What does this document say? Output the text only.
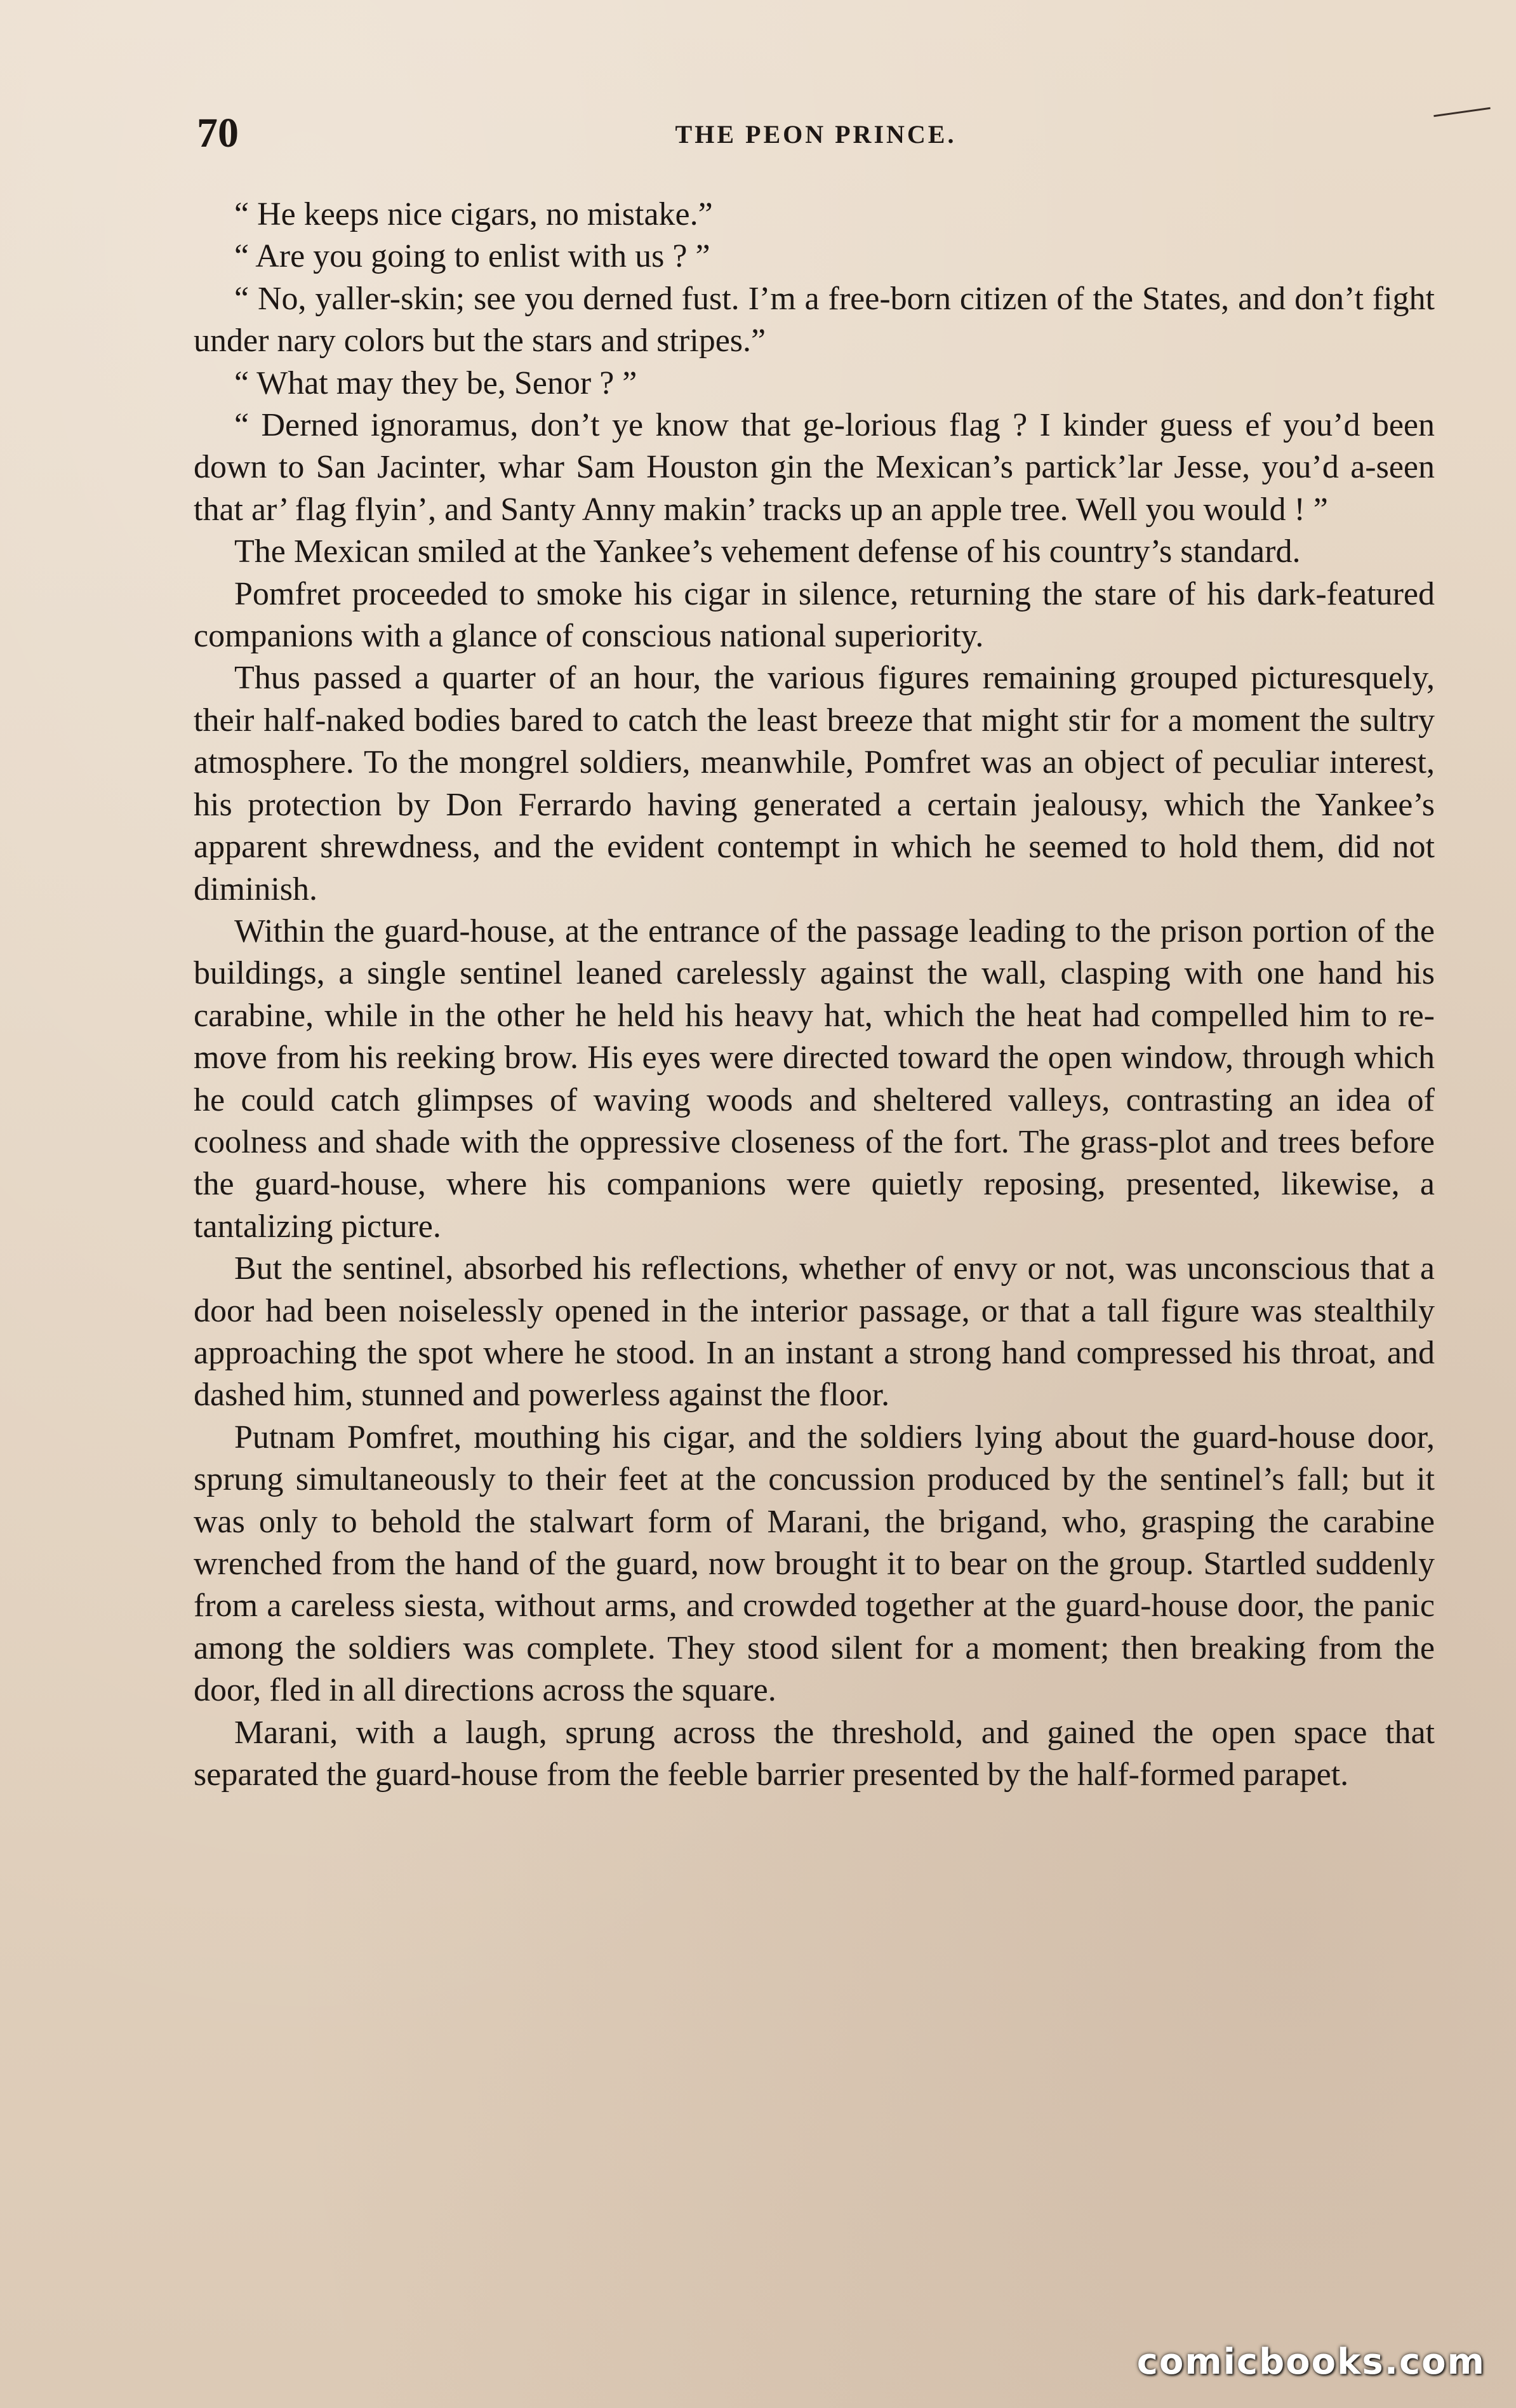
70	THE PEON PRINCE.

“ He keeps nice cigars, no mistake.”

“ Are you going to enlist with us ? ”

“ No, yaller-skin; see you derned fust. I’m a free-born citizen of the States, and don’t fight under nary colors but the stars and stripes.”

“ What may they be, Senor ? ”

“ Derned ignoramus, don’t ye know that ge-lorious flag ? I kinder guess ef you’d been down to San Jacinter, whar Sam Houston gin the Mexican’s partick’lar Jesse, you’d a-seen that ar’ flag flyin’, and Santy Anny makin’ tracks up an apple tree. Well you would ! ”

The Mexican smiled at the Yankee’s vehement defense of his country’s standard.

Pomfret proceeded to smoke his cigar in silence, returning the stare of his dark-featured companions with a glance of conscious national superiority.

Thus passed a quarter of an hour, the various figures remaining grouped picturesquely, their half-naked bodies bared to catch the least breeze that might stir for a moment the sultry atmosphere. To the mongrel soldiers, meanwhile, Pomfret was an object of peculiar interest, his protection by Don Ferrardo having generated a certain jealousy, which the Yankee’s apparent shrewdness, and the evident contempt in which he seemed to hold them, did not diminish.

Within the guard-house, at the entrance of the passage leading to the prison portion of the buildings, a single sentinel leaned carelessly against the wall, clasping with one hand his carabine, while in the other he held his heavy hat, which the heat had compelled him to remove from his reeking brow. His eyes were directed toward the open window, through which he could catch glimpses of waving woods and sheltered valleys, contrasting an idea of coolness and shade with the oppressive closeness of the fort. The grass-plot and trees before the guard-house, where his companions were quietly reposing, presented, likewise, a tantalizing picture.

But the sentinel, absorbed his reflections, whether of envy or not, was unconscious that a door had been noiselessly opened in the interior passage, or that a tall figure was stealthily approaching the spot where he stood. In an instant a strong hand compressed his throat, and dashed him, stunned and powerless against the floor.

Putnam Pomfret, mouthing his cigar, and the soldiers lying about the guard-house door, sprung simultaneously to their feet at the concussion produced by the sentinel’s fall; but it was only to behold the stalwart form of Marani, the brigand, who, grasping the carabine wrenched from the hand of the guard, now brought it to bear on the group. Startled suddenly from a careless siesta, without arms, and crowded together at the guard-house door, the panic among the soldiers was complete. They stood silent for a moment; then breaking from the door, fled in all directions across the square.

Marani, with a laugh, sprung across the threshold, and gained the open space that separated the guard-house from the feeble barrier presented by the half-formed parapet.

comicbooks.com
